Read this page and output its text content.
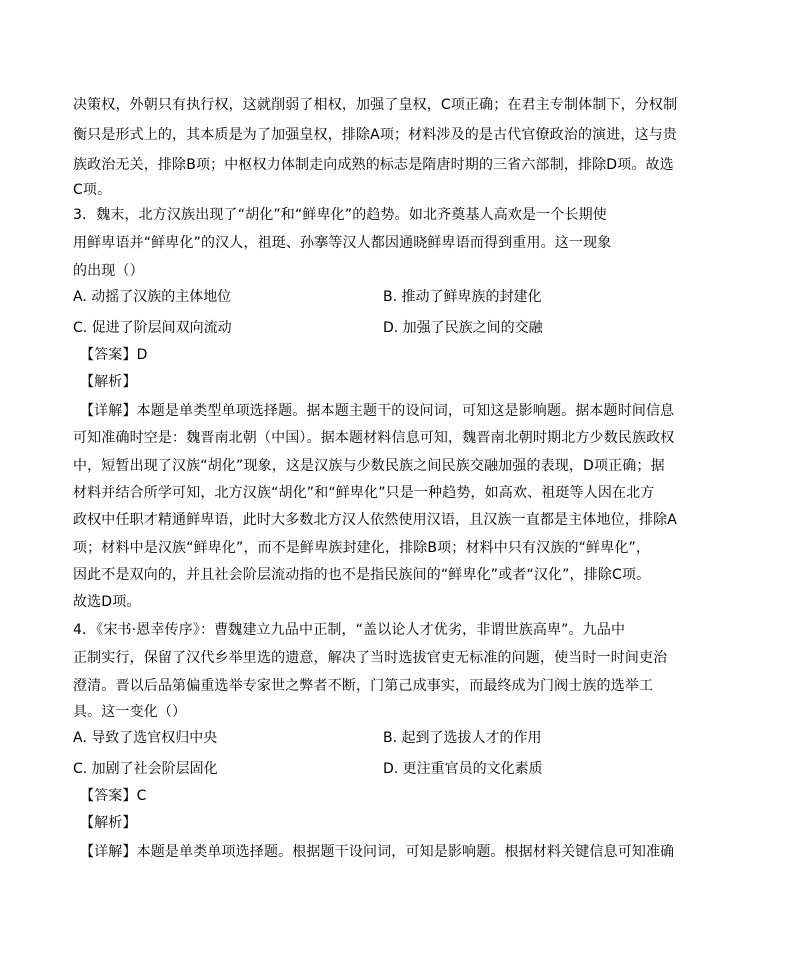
决策权，外朝只有执行权，这就削弱了相权，加强了皇权，C项正确；在君主专制体制下，分权制

衡只是形式上的，其本质是为了加强皇权，排除A项；材料涉及的是古代官僚政治的演进，这与贵

族政治无关，排除B项；中枢权力体制走向成熟的标志是隋唐时期的三省六部制，排除D项。故选

C项。

3．魏末，北方汉族出现了“胡化”和“鲜卑化”的趋势。如北齐奠基人高欢是一个长期使

用鲜卑语并“鲜卑化”的汉人，祖珽、孙搴等汉人都因通晓鲜卑语而得到重用。这一现象

的出现（）

A. 动摇了汉族的主体地位	B. 推动了鲜卑族的封建化

C. 促进了阶层间双向流动	D. 加强了民族之间的交融

【答案】D

【解析】

【详解】本题是单类型单项选择题。据本题主题干的设问词，可知这是影响题。据本题时间信息

可知准确时空是：魏晋南北朝（中国）。据本题材料信息可知，魏晋南北朝时期北方少数民族政权

中，短暂出现了汉族“胡化”现象，这是汉族与少数民族之间民族交融加强的表现，D项正确；据

材料并结合所学可知，北方汉族“胡化”和“鲜卑化”只是一种趋势，如高欢、祖珽等人因在北方

政权中任职才精通鲜卑语，此时大多数北方汉人依然使用汉语，且汉族一直都是主体地位，排除A

项；材料中是汉族“鲜卑化”，而不是鲜卑族封建化，排除B项；材料中只有汉族的“鲜卑化”，

因此不是双向的，并且社会阶层流动指的也不是指民族间的“鲜卑化”或者“汉化”，排除C项。

故选D项。

4．《宋书·恩幸传序》：曹魏建立九品中正制，“盖以论人才优劣，非谓世族高卑”。九品中

正制实行，保留了汉代乡举里选的遗意，解决了当时选拔官吏无标准的问题，使当时一时间吏治

澄清。晋以后品第偏重选举专家世之弊者不断，门第己成事实，而最终成为门阀士族的选举工

具。这一变化（）

A. 导致了选官权归中央	B. 起到了选拔人才的作用

C. 加剧了社会阶层固化	D. 更注重官员的文化素质

【答案】C

【解析】

【详解】本题是单类单项选择题。根据题干设问词，可知是影响题。根据材料关键信息可知准确
